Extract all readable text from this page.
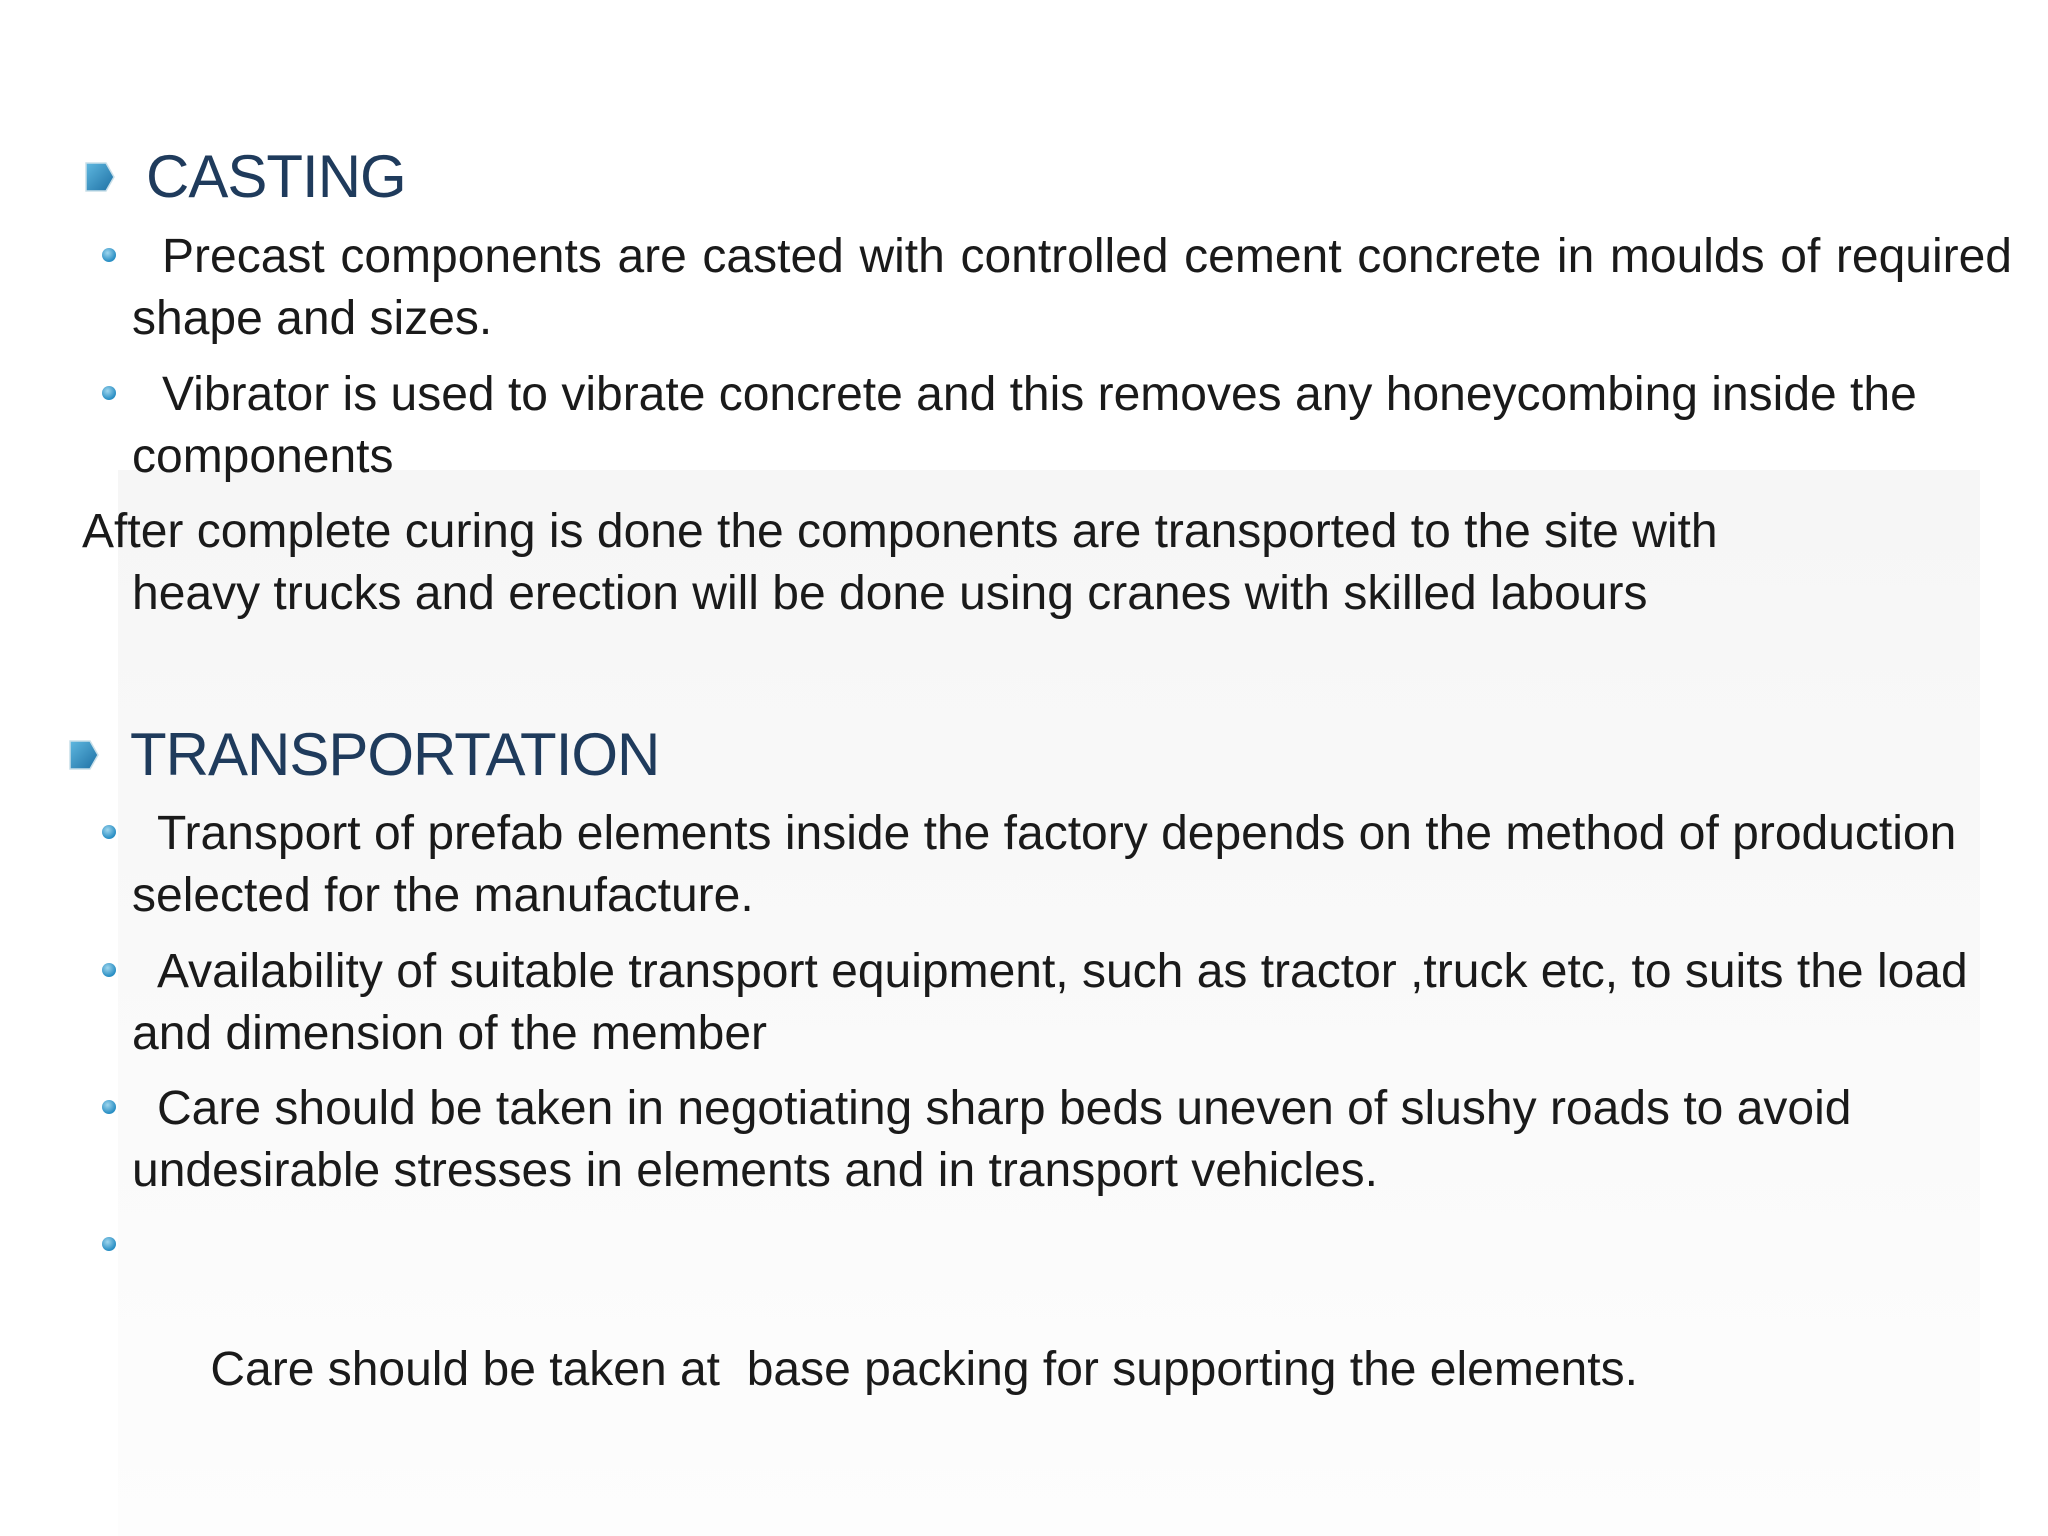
CASTING
Precast components are casted with controlled cement concrete in moulds of required shape and sizes.
Vibrator is used to vibrate concrete and this removes any honeycombing inside the components
After complete curing is done the components are transported to the site with
heavy trucks and erection will be done using cranes with skilled labours
TRANSPORTATION
Transport of prefab elements inside the factory depends on the method of production selected for the manufacture.
Availability of suitable transport equipment, such as tractor ,truck etc, to suits the load and dimension of the member
Care should be taken in negotiating sharp beds uneven of slushy roads to avoid undesirable stresses in elements and in transport vehicles.

Care should be taken at  base packing for supporting the elements.
